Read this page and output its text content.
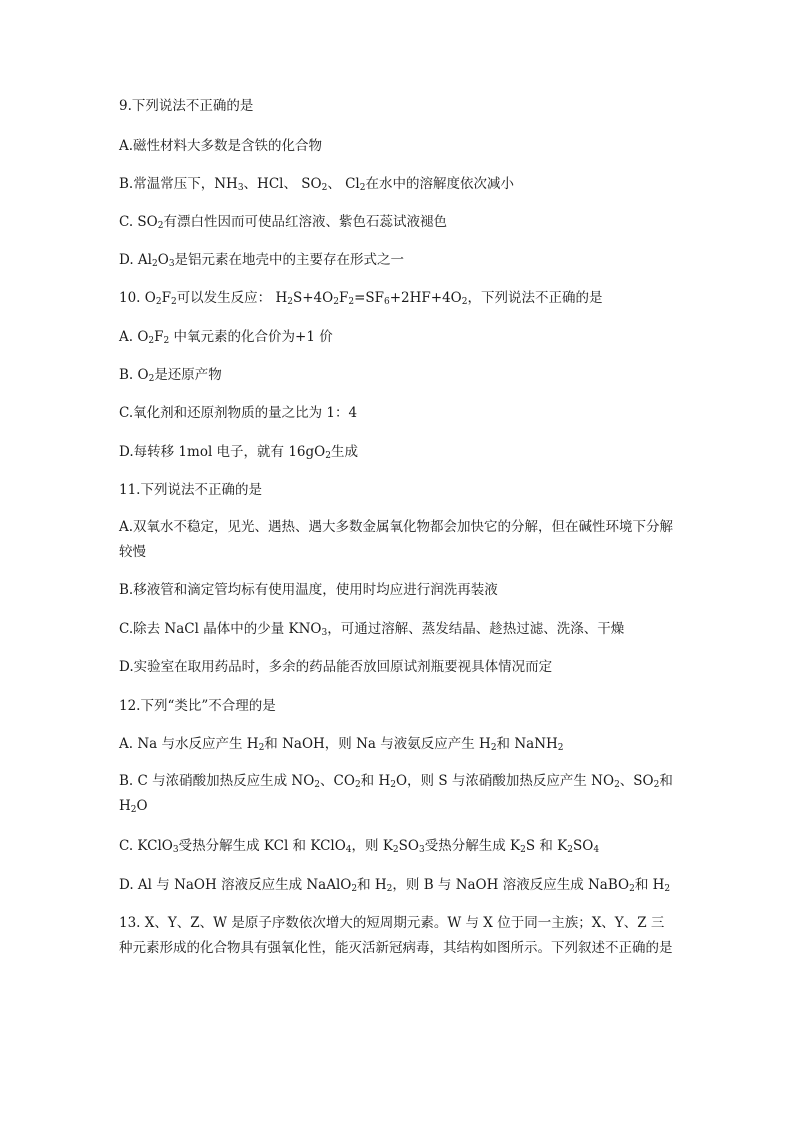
9.下列说法不正确的是
A.磁性材料大多数是含铁的化合物
B.常温常压下，$NH_3$、HCl、 $SO_2$、 $Cl_2$在水中的溶解度依次减小
C. $SO_2$有漂白性因而可使品红溶液、紫色石蕊试液褪色
D. $Al_2O_3$是铝元素在地壳中的主要存在形式之一
10. $O_2F_2$可以发生反应： $H_2S+4O_2F_2=SF_6+2HF+4O_2$，下列说法不正确的是
A. $O_2F_2$ 中氧元素的化合价为+1 价
B. $O_2$是还原产物
C.氧化剂和还原剂物质的量之比为 1：4
D.每转移 1mol 电子，就有 $16gO_2$生成
11.下列说法不正确的是
A.双氧水不稳定，见光、遇热、遇大多数金属氧化物都会加快它的分解，但在碱性环境下分解较慢
B.移液管和滴定管均标有使用温度，使用时均应进行润洗再装液
C.除去 NaCl 晶体中的少量 $KNO_3$，可通过溶解、蒸发结晶、趁热过滤、洗涤、干燥
D.实验室在取用药品时，多余的药品能否放回原试剂瓶要视具体情况而定
12.下列“类比”不合理的是
A. Na 与水反应产生 $H_2$和 NaOH，则 Na 与液氨反应产生 $H_2$和 NaNH$_2$
B. C 与浓硝酸加热反应生成 $NO_2$、$CO_2$和 $H_2O$，则 S 与浓硝酸加热反应产生 $NO_2$、$SO_2$和 $H_2O$
C. KClO$_3$受热分解生成 KCl 和 KClO$_4$，则 $K_2SO_3$受热分解生成 $K_2S$ 和 $K_2SO_4$
D. Al 与 NaOH 溶液反应生成 NaAlO$_2$和 $H_2$，则 B 与 NaOH 溶液反应生成 NaBO$_2$和 $H_2$
13. X、Y、Z、W 是原子序数依次增大的短周期元素。W 与 X 位于同一主族；X、Y、Z 三种元素形成的化合物具有强氧化性，能灭活新冠病毒，其结构如图所示。下列叙述不正确的是
